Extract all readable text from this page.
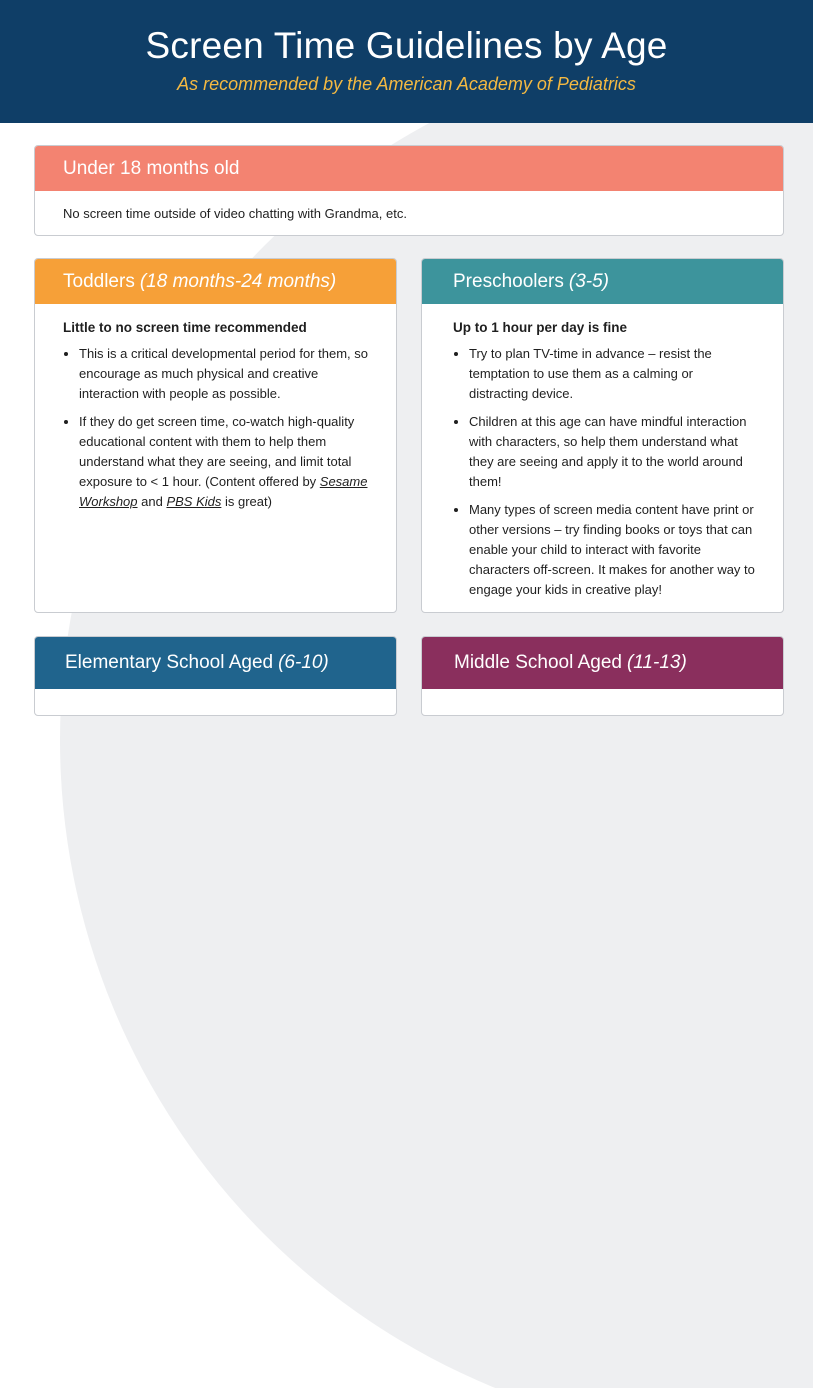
Screen Time Guidelines by Age
As recommended by the American Academy of Pediatrics
Under 18 months old
No screen time outside of video chatting with Grandma, etc.
Toddlers (18 months-24 months)
Little to no screen time recommended
• This is a critical developmental period for them, so encourage as much physical and creative interaction with people as possible.
• If they do get screen time, co-watch high-quality educational content with them to help them understand what they are seeing, and limit total exposure to < 1 hour. (Content offered by Sesame Workshop and PBS Kids is great)
Preschoolers (3-5)
Up to 1 hour per day is fine
• Try to plan TV-time in advance – resist the temptation to use them as a calming or distracting device.
• Children at this age can have mindful interaction with characters, so help them understand what they are seeing and apply it to the world around them!
• Many types of screen media content have print or other versions – try finding books or toys that can enable your child to interact with favorite characters off-screen. It makes for another way to engage your kids in creative play!
Elementary School Aged (6-10)	Middle School Aged (11-13)
